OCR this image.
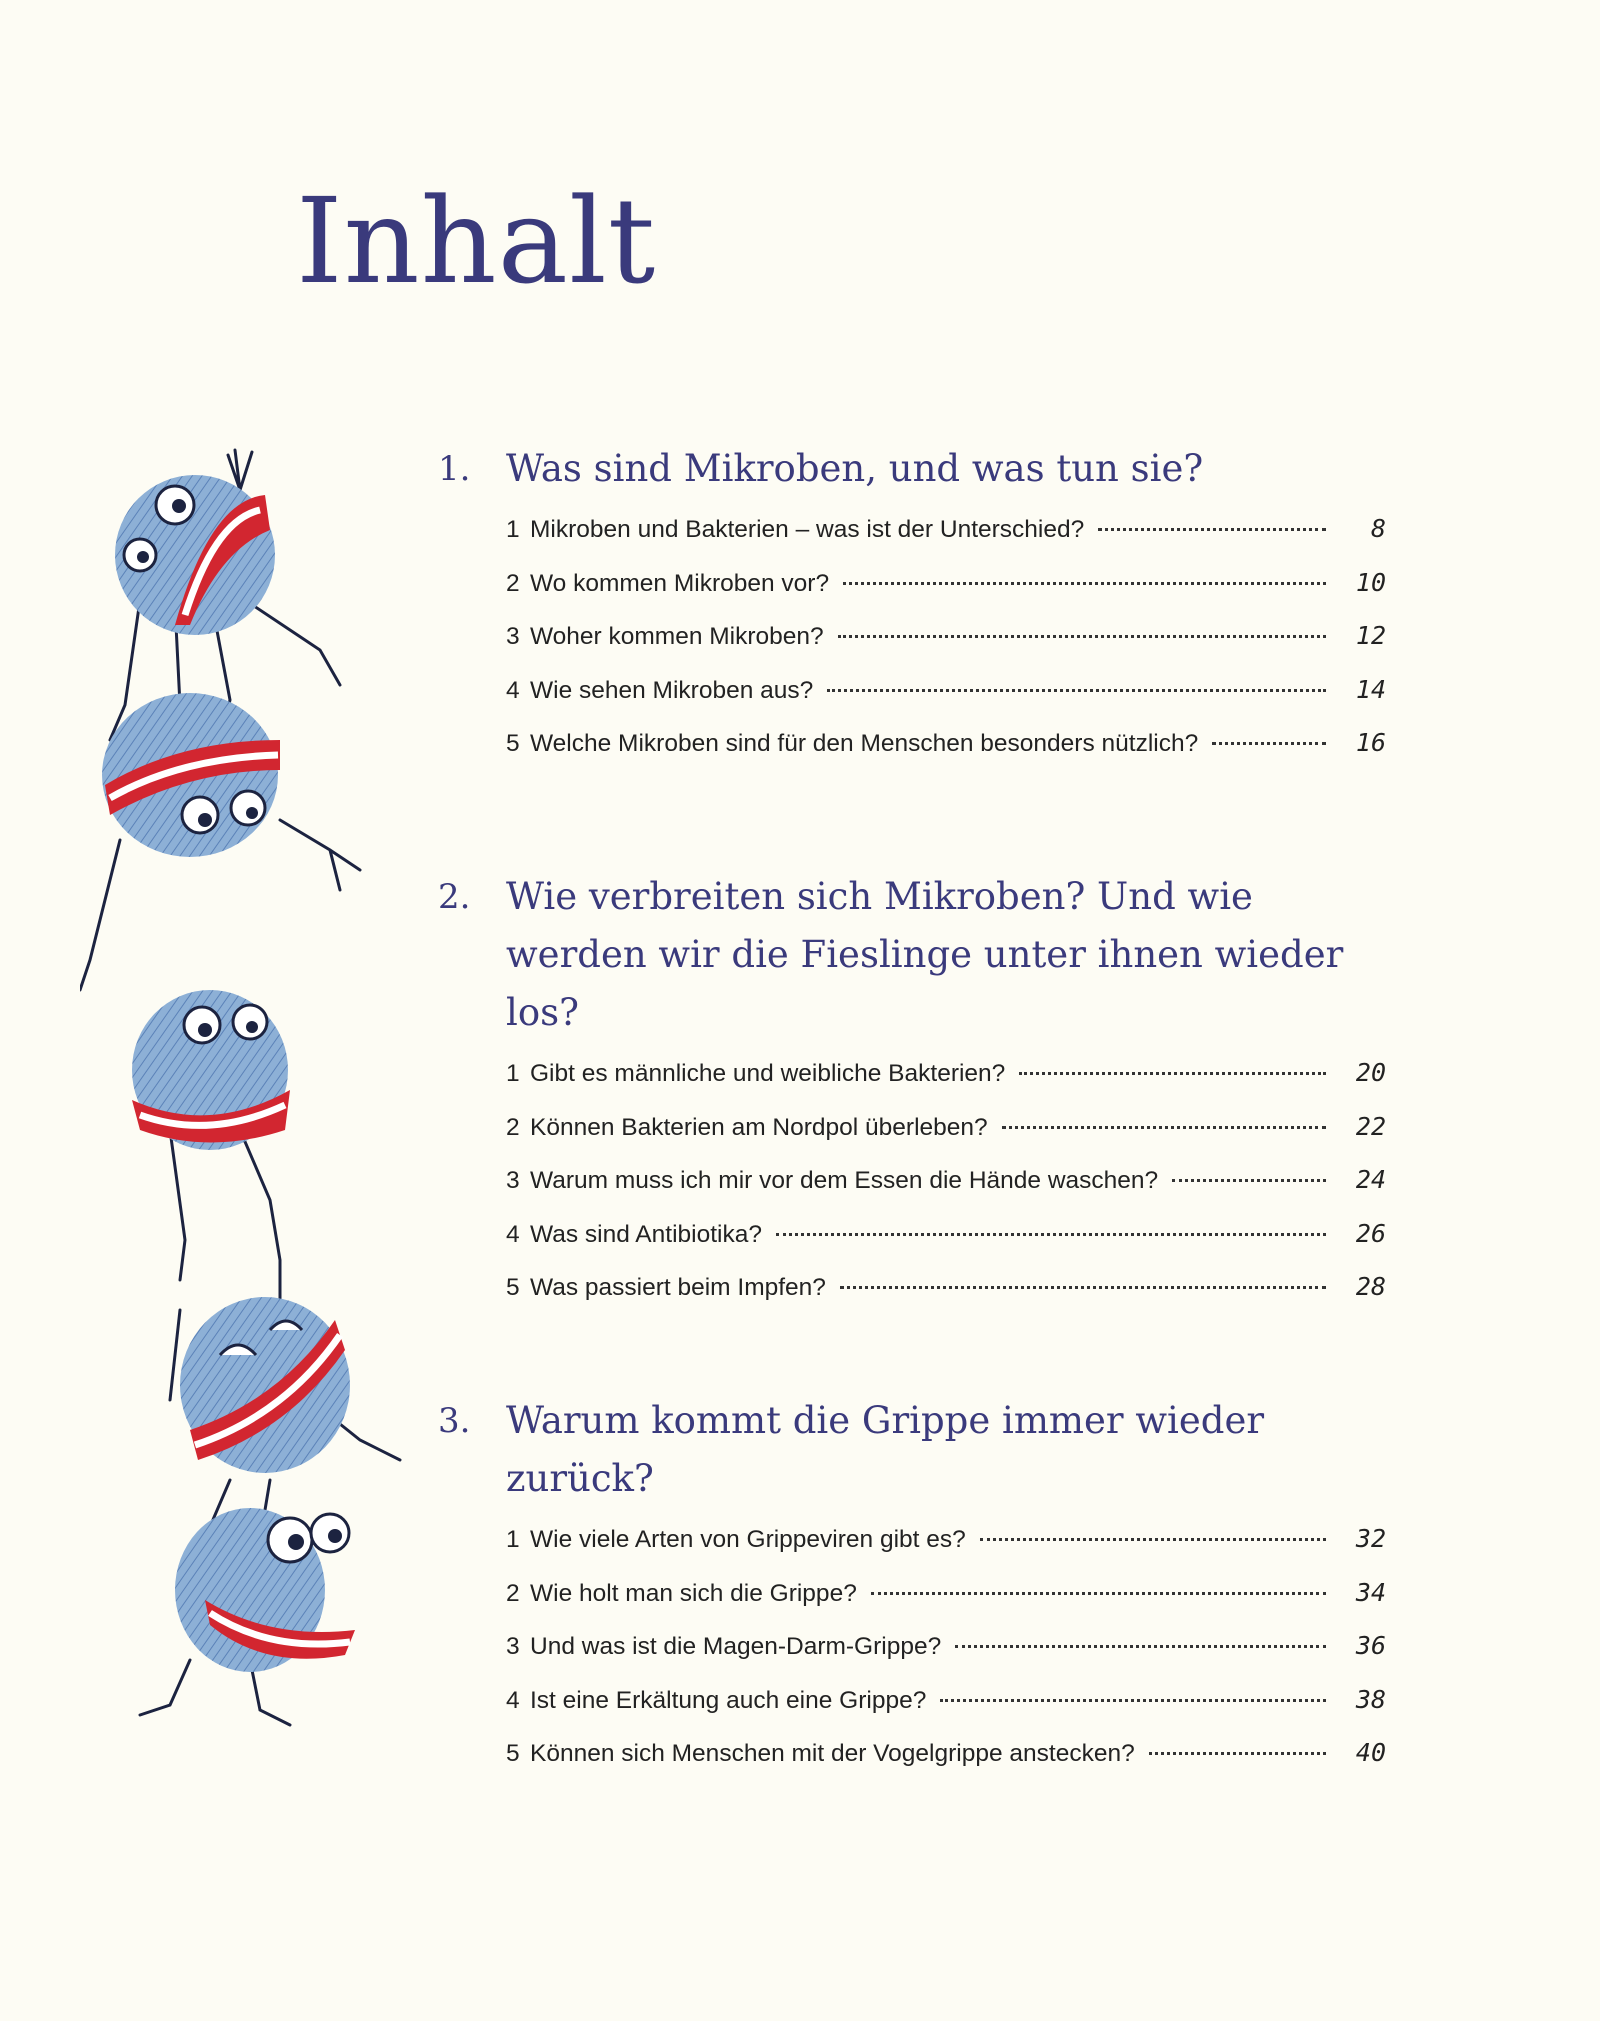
Inhalt
1. Was sind Mikroben, und was tun sie?
1 Mikroben und Bakterien – was ist der Unterschied?	8
2 Wo kommen Mikroben vor?	10
3 Woher kommen Mikroben?	12
4 Wie sehen Mikroben aus?	14
5 Welche Mikroben sind für den Menschen besonders nützlich?	16
2. Wie verbreiten sich Mikroben? Und wie werden wir die Fieslinge unter ihnen wieder los?
1 Gibt es männliche und weibliche Bakterien?	20
2 Können Bakterien am Nordpol überleben?	22
3 Warum muss ich mir vor dem Essen die Hände waschen?	24
4 Was sind Antibiotika?	26
5 Was passiert beim Impfen?	28
3. Warum kommt die Grippe immer wieder zurück?
1 Wie viele Arten von Grippeviren gibt es?	32
2 Wie holt man sich die Grippe?	34
3 Und was ist die Magen-Darm-Grippe?	36
4 Ist eine Erkältung auch eine Grippe?	38
5 Können sich Menschen mit der Vogelgrippe anstecken?	40
